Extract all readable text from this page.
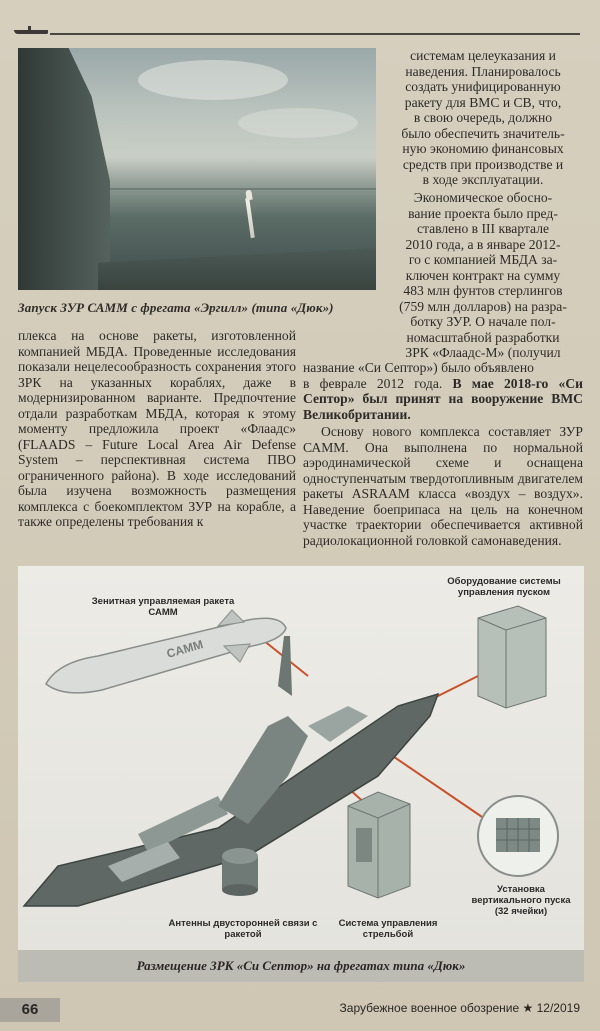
Запуск ЗУР САММ с фрегата «Эргилл» (типа «Дюк»)

системам целеуказания и

наведения. Планировалось

создать унифицированную

ракету для ВМС и СВ, что,

в свою очередь, должно

было обеспечить значитель-

ную экономию финансовых

средств при производстве и

в ходе эксплуатации.

Экономическое обосно-

вание проекта было пред-

ставлено в III квартале

2010 года, а в январе 2012-

го с компанией МБДА за-

ключен контракт на сумму

483 млн фунтов стерлингов

(759 млн долларов) на разра-

ботку ЗУР. О начале пол-

номасштабной разработки

ЗРК «Флаадс-М» (получил

название «Си Септор») было объявлено

в феврале 2012 года. В мае 2018-го «Си Септор» был принят на вооружение ВМС Великобритании.

Основу нового комплекса составляет ЗУР САММ. Она выполнена по нормальной аэродинамической схеме и оснащена одноступенчатым твердотопливным двигателем ракеты ASRAAM класса «воздух – воздух». Наведение боеприпаса на цель на конечном участке траектории обеспечивается активной радиолокационной головкой самонаведения.
плекса на основе ракеты, изготовленной компанией МБДА. Проведенные исследования показали нецелесообразность сохранения этого ЗРК на указанных кораблях, даже в модернизированном варианте. Предпочтение отдали разработкам МБДА, которая к этому моменту предложила проект «Флаадс» (FLAADS – Future Local Area Air Defense System – перспективная система ПВО ограниченного района). В ходе исследований была изучена возможность размещения комплекса с боекомплектом ЗУР на корабле, а также определены требования к
CAMM
Зенитная управляемая ракета САММ
Оборудование системы управления пуском
Антенны двусторонней связи с ракетой
Система управления стрельбой
Установка вертикального пуска (32 ячейки)
Размещение ЗРК «Си Септор» на фрегатах типа «Дюк»
66	Зарубежное военное обозрение ★ 12/2019
